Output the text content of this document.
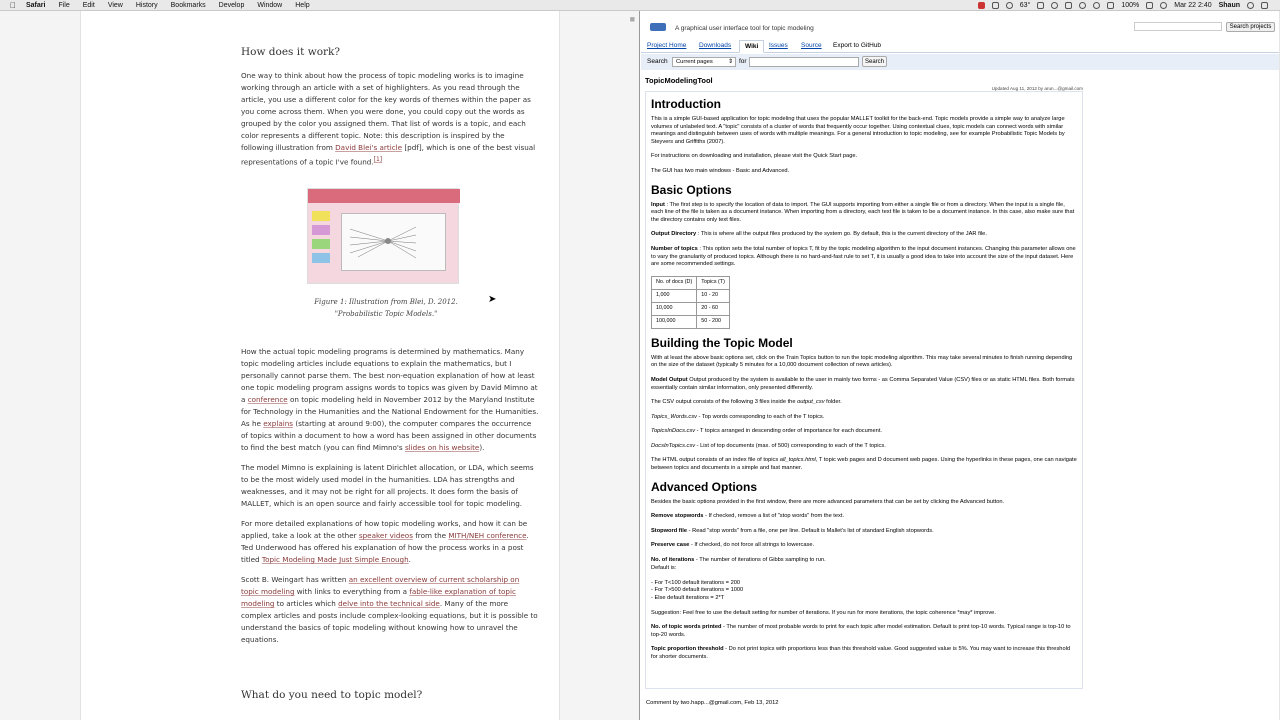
Safari File Edit View History Bookmarks Develop Window Help	63°	100%	Mar 22 2:40 Shaun
■
How does it work?

One way to think about how the process of topic modeling works is to imagine working through an article with a set of highlighters. As you read through the article, you use a different color for the key words of themes within the paper as you come across them. When you were done, you could copy out the words as grouped by the color you assigned them. That list of words is a topic, and each color represents a different topic. Note: this description is inspired by the following illustration from David Blei's article [pdf], which is one of the best visual representations of a topic I've found.[1]

Figure 1: Illustration from Blei, D. 2012.
"Probabilistic Topic Models."

How the actual topic modeling programs is determined by mathematics. Many topic modeling articles include equations to explain the mathematics, but I personally cannot parse them. The best non-equation explanation of how at least one topic modeling program assigns words to topics was given by David Mimno at a conference on topic modeling held in November 2012 by the Maryland Institute for Technology in the Humanities and the National Endowment for the Humanities. As he explains (starting at around 9:00), the computer compares the occurrence of topics within a document to how a word has been assigned in other documents to find the best match (you can find Mimno's slides on his website).

The model Mimno is explaining is latent Dirichlet allocation, or LDA, which seems to be the most widely used model in the humanities. LDA has strengths and weaknesses, and it may not be right for all projects. It does form the basis of MALLET, which is an open source and fairly accessible tool for topic modeling.

For more detailed explanations of how topic modeling works, and how it can be applied, take a look at the other speaker videos from the MITH/NEH conference. Ted Underwood has offered his explanation of how the process works in a post titled Topic Modeling Made Just Simple Enough.

Scott B. Weingart has written an excellent overview of current scholarship on topic modeling with links to everything from a fable-like explanation of topic modeling to articles which delve into the technical side. Many of the more complex articles and posts include complex-looking equations, but it is possible to understand the basics of topic modeling without knowing how to unravel the equations.

What do you need to topic model?
➤
A graphical user interface tool for topic modeling	Search projects
Project Home Downloads	Wiki	Issues Source Export to GitHub
Search	Current pages	⇕ for	Search
TopicModelingTool
Updated Aug 11, 2012 by arun...@gmail.com
Introduction

This is a simple GUI-based application for topic modeling that uses the popular MALLET toolkit for the back-end. Topic models provide a simple way to analyze large volumes of unlabeled text. A "topic" consists of a cluster of words that frequently occur together. Using contextual clues, topic models can connect words with similar meanings and distinguish between uses of words with multiple meanings. For a general introduction to topic modeling, see for example Probabilistic Topic Models by Steyvers and Griffiths (2007).

For instructions on downloading and installation, please visit the Quick Start page.

The GUI has two main windows - Basic and Advanced.

Basic Options

Input : The first step is to specify the location of data to import. The GUI supports importing from either a single file or from a directory. When the input is a single file, each line of the file is taken as a document instance. When importing from a directory, each text file is taken to be a document instance. In this case, also make sure that the directory contains only text files.

Output Directory : This is where all the output files produced by the system go. By default, this is the current directory of the JAR file.

Number of topics : This option sets the total number of topics T, fit by the topic modeling algorithm to the input document instances. Changing this parameter allows one to vary the granularity of produced topics. Although there is no hard-and-fast rule to set T, it is usually a good idea to take into account the size of the input dataset. Here are some recommended settings.

No. of docs (D)	Topics (T)
1,000	10 - 20
10,000	20 - 60
100,000	50 - 200
Building the Topic Model

With at least the above basic options set, click on the Train Topics button to run the topic modeling algorithm. This may take several minutes to finish running depending on the size of the dataset (typically 5 minutes for a 10,000 document collection of news articles).

Model Output Output produced by the system is available to the user in mainly two forms - as Comma Separated Value (CSV) files or as static HTML files. Both formats essentially contain similar information, only presented differently.

The CSV output consists of the following 3 files inside the output_csv folder.

Topics_Words.csv - Top words corresponding to each of the T topics.

TopicsInDocs.csv - T topics arranged in descending order of importance for each document.

DocsInTopics.csv - List of top documents (max. of 500) corresponding to each of the T topics.

The HTML output consists of an index file of topics all_topics.html, T topic web pages and D document web pages. Using the hyperlinks in these pages, one can navigate between topics and documents in a simple and fast manner.

Advanced Options

Besides the basic options provided in the first window, there are more advanced parameters that can be set by clicking the Advanced button.

Remove stopwords - If checked, remove a list of "stop words" from the text.

Stopword file - Read "stop words" from a file, one per line. Default is Mallet's list of standard English stopwords.

Preserve case - If checked, do not force all strings to lowercase.

No. of iterations - The number of iterations of Gibbs sampling to run.
Default is:

- For T<100 default iterations = 200
- For T>500 default iterations = 1000
- Else default iterations = 2*T

Suggestion: Feel free to use the default setting for number of iterations. If you run for more iterations, the topic coherence *may* improve.

No. of topic words printed - The number of most probable words to print for each topic after model estimation. Default is print top-10 words. Typical range is top-10 to top-20 words.

Topic proportion threshold - Do not print topics with proportions less than this threshold value. Good suggested value is 5%. You may want to increase this threshold for shorter documents.

Comment by two.happ...@gmail.com, Feb 13, 2012
